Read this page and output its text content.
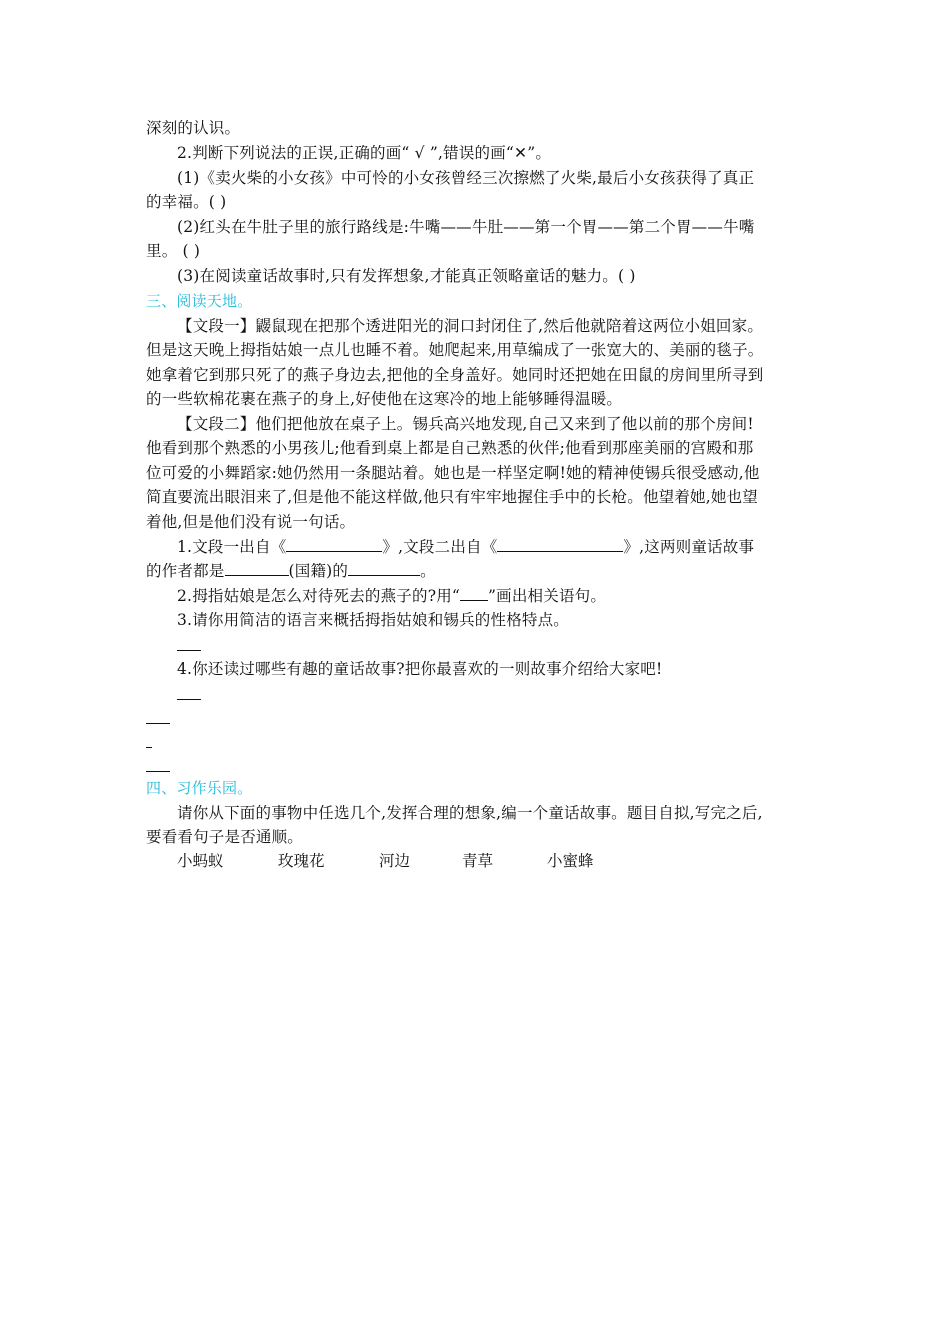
深刻的认识。
2.判断下列说法的正误,正确的画“ √ ”,错误的画“✕”。
(1)《卖火柴的小女孩》中可怜的小女孩曾经三次擦燃了火柴,最后小女孩获得了真正
的幸福。( )
(2)红头在牛肚子里的旅行路线是:牛嘴——牛肚——第一个胃——第二个胃——牛嘴
里。 ( )
(3)在阅读童话故事时,只有发挥想象,才能真正领略童话的魅力。( )
三、阅读天地。
【文段一】鼹鼠现在把那个透进阳光的洞口封闭住了,然后他就陪着这两位小姐回家。
但是这天晚上拇指姑娘一点儿也睡不着。她爬起来,用草编成了一张宽大的、美丽的毯子。
她拿着它到那只死了的燕子身边去,把他的全身盖好。她同时还把她在田鼠的房间里所寻到
的一些软棉花裹在燕子的身上,好使他在这寒冷的地上能够睡得温暖。
【文段二】他们把他放在桌子上。锡兵高兴地发现,自己又来到了他以前的那个房间!
他看到那个熟悉的小男孩儿;他看到桌上都是自己熟悉的伙伴;他看到那座美丽的宫殿和那
位可爱的小舞蹈家:她仍然用一条腿站着。她也是一样坚定啊!她的精神使锡兵很受感动,他
简直要流出眼泪来了,但是他不能这样做,他只有牢牢地握住手中的长枪。他望着她,她也望
着他,但是他们没有说一句话。
1.文段一出自《	》,文段二出自《	》,这两则童话故事
的作者都是	(国籍)的	。
2.拇指姑娘是怎么对待死去的燕子的?用“ ”画出相关语句。
3.请你用简洁的语言来概括拇指姑娘和锡兵的性格特点。
4.你还读过哪些有趣的童话故事?把你最喜欢的一则故事介绍给大家吧!
四、习作乐园。
请你从下面的事物中任选几个,发挥合理的想象,编一个童话故事。题目自拟,写完之后,
要看看句子是否通顺。
小蚂蚁	玫瑰花	河边	青草	小蜜蜂
